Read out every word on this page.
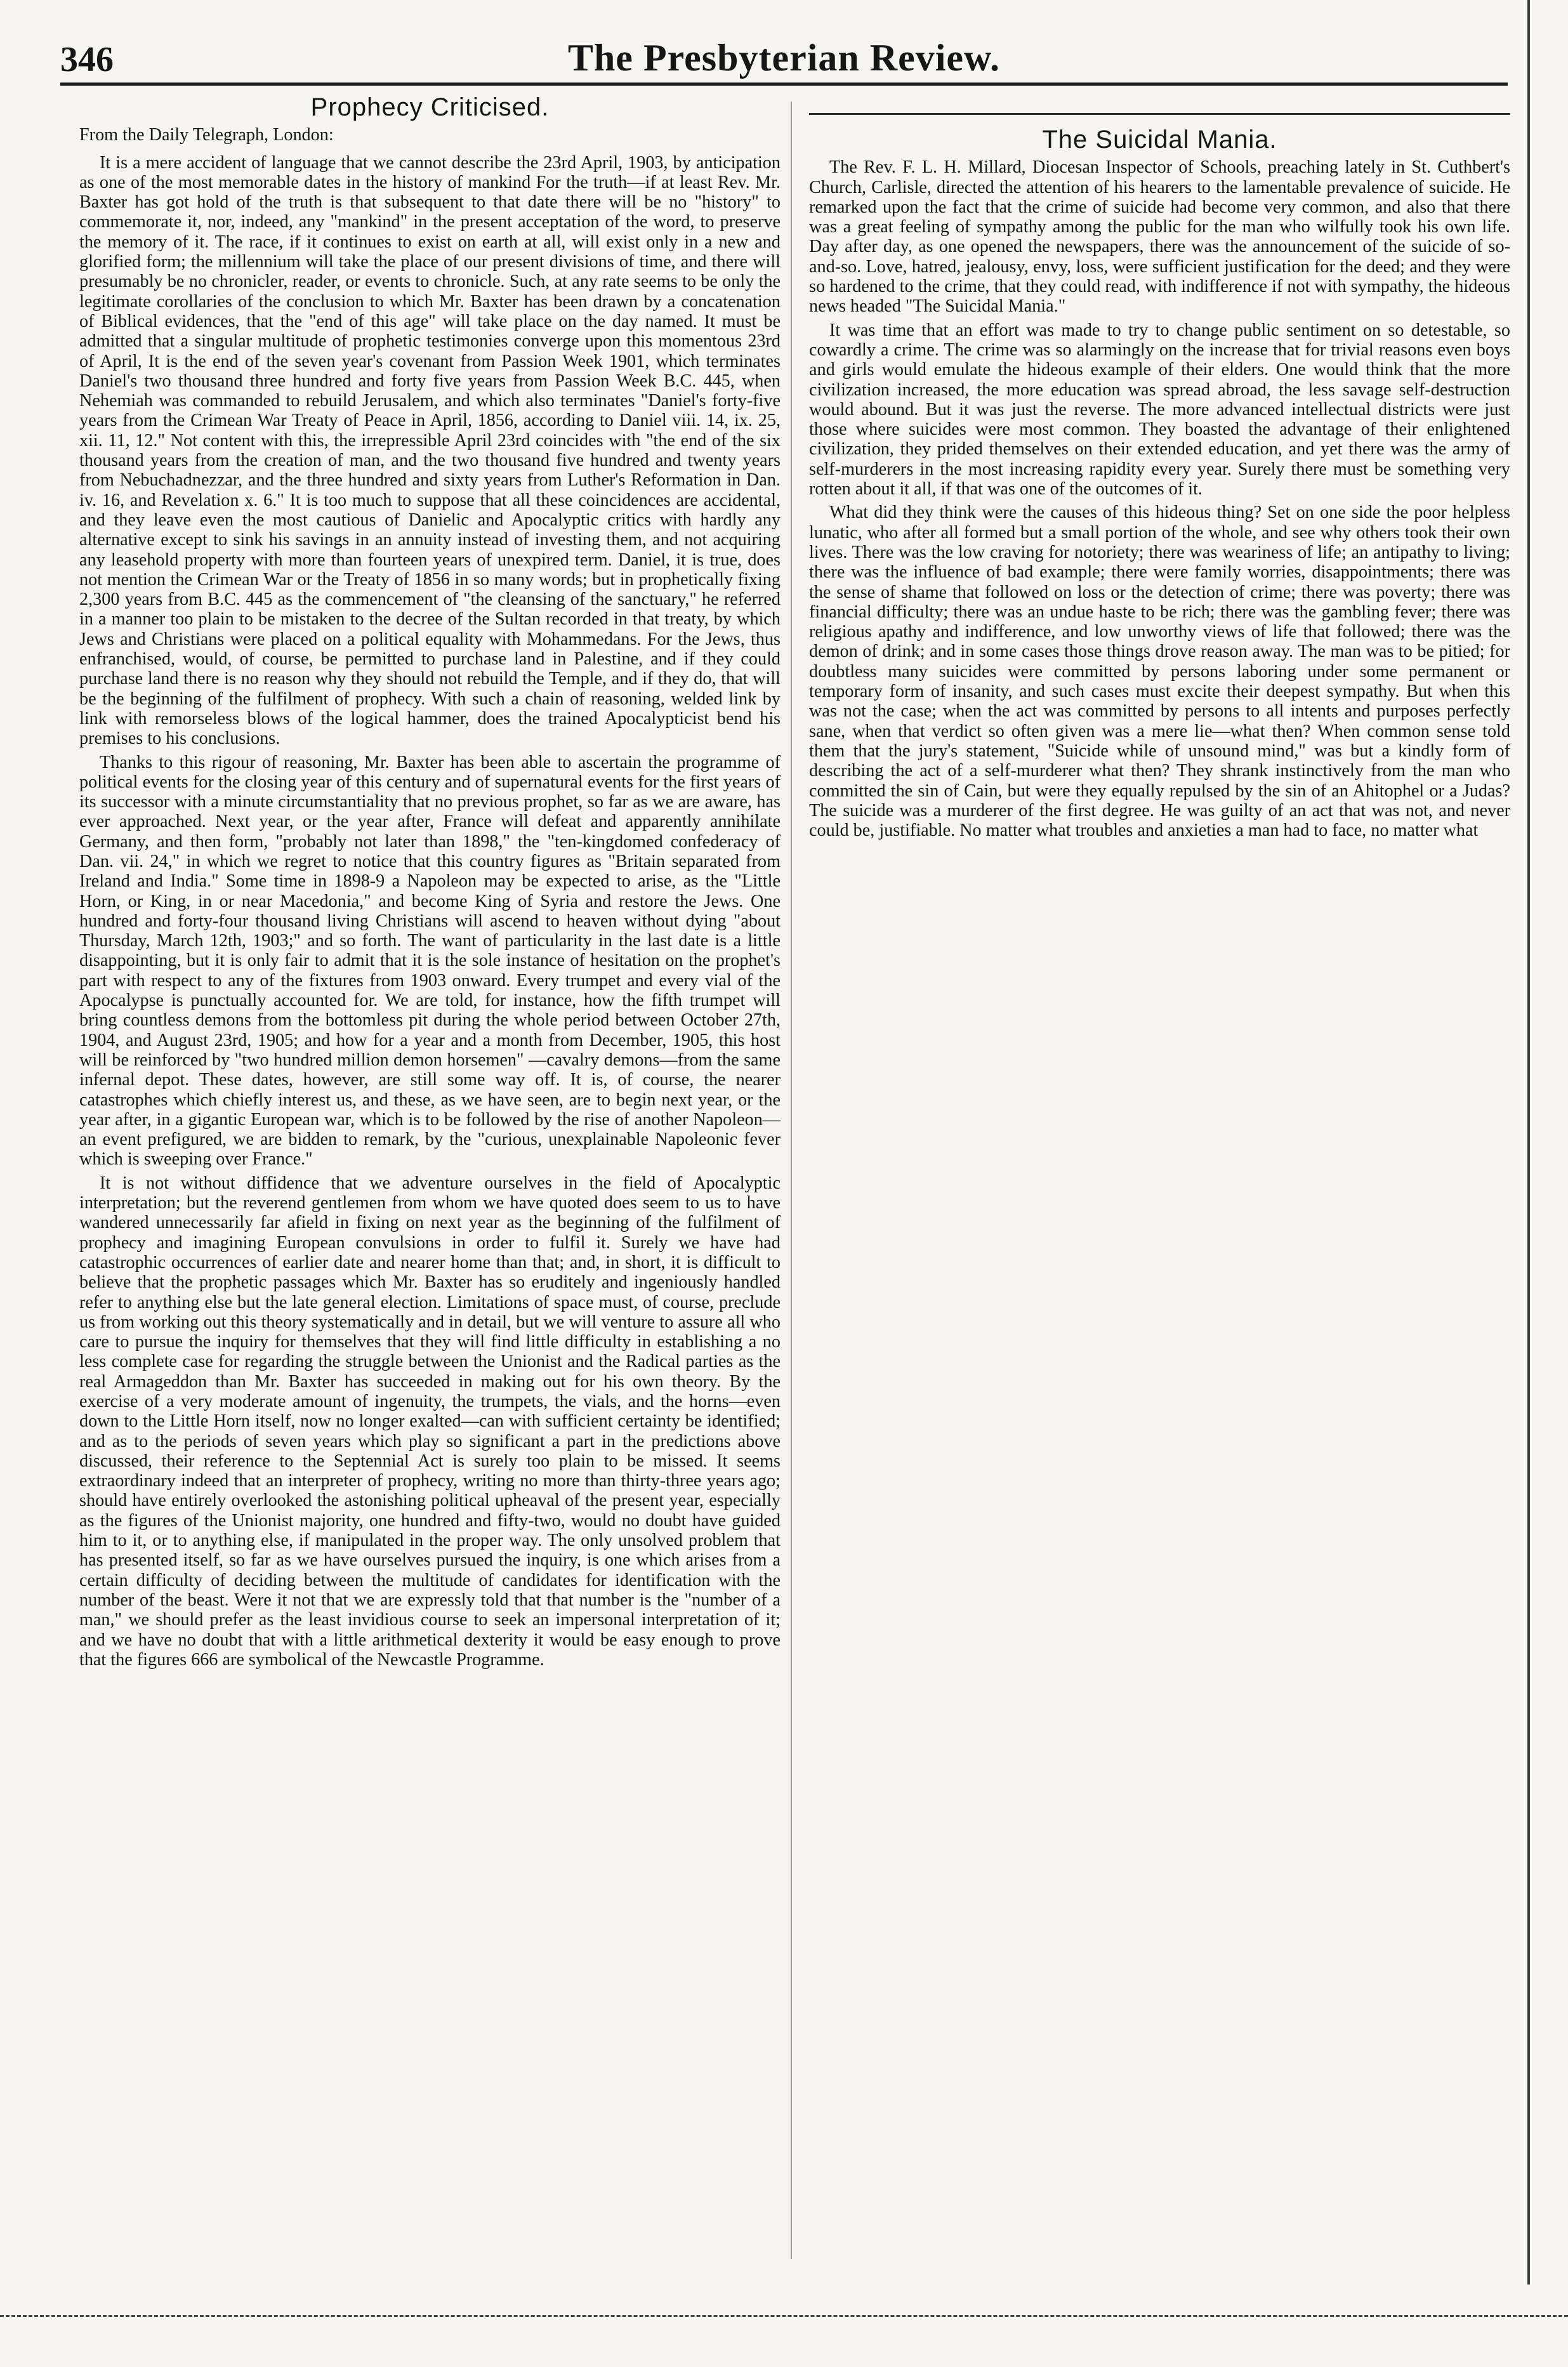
346	The Presbyterian Review.
Prophecy Criticised.

From the Daily Telegraph, London:

It is a mere accident of language that we cannot describe the 23rd April, 1903, by anticipation as one of the most memorable dates in the history of mankind For the truth—if at least Rev. Mr. Baxter has got hold of the truth is that subsequent to that date there will be no "history" to commemorate it, nor, indeed, any "mankind" in the present acceptation of the word, to preserve the memory of it. The race, if it continues to exist on earth at all, will exist only in a new and glorified form; the millennium will take the place of our present divisions of time, and there will presumably be no chronicler, reader, or events to chronicle. Such, at any rate seems to be only the legitimate corollaries of the conclusion to which Mr. Baxter has been drawn by a concatenation of Biblical evidences, that the "end of this age" will take place on the day named. It must be admitted that a singular multitude of prophetic testimonies converge upon this momentous 23rd of April, It is the end of the seven year's covenant from Passion Week 1901, which terminates Daniel's two thousand three hundred and forty five years from Passion Week B.C. 445, when Nehemiah was commanded to rebuild Jerusalem, and which also terminates "Daniel's forty-five years from the Crimean War Treaty of Peace in April, 1856, according to Daniel viii. 14, ix. 25, xii. 11, 12." Not content with this, the irrepressible April 23rd coincides with "the end of the six thousand years from the creation of man, and the two thousand five hundred and twenty years from Nebuchadnezzar, and the three hundred and sixty years from Luther's Reformation in Dan. iv. 16, and Revelation x. 6." It is too much to suppose that all these coincidences are accidental, and they leave even the most cautious of Danielic and Apocalyptic critics with hardly any alternative except to sink his savings in an annuity instead of investing them, and not acquiring any leasehold property with more than fourteen years of unexpired term. Daniel, it is true, does not mention the Crimean War or the Treaty of 1856 in so many words; but in prophetically fixing 2,300 years from B.C. 445 as the commencement of "the cleansing of the sanctuary," he referred in a manner too plain to be mistaken to the decree of the Sultan recorded in that treaty, by which Jews and Christians were placed on a political equality with Mohammedans. For the Jews, thus enfranchised, would, of course, be permitted to purchase land in Palestine, and if they could purchase land there is no reason why they should not rebuild the Temple, and if they do, that will be the beginning of the fulfilment of prophecy. With such a chain of reasoning, welded link by link with remorseless blows of the logical hammer, does the trained Apocalypticist bend his premises to his conclusions.

Thanks to this rigour of reasoning, Mr. Baxter has been able to ascertain the programme of political events for the closing year of this century and of supernatural events for the first years of its successor with a minute circumstantiality that no previous prophet, so far as we are aware, has ever approached. Next year, or the year after, France will defeat and apparently annihilate Germany, and then form, "probably not later than 1898," the "ten-kingdomed confederacy of Dan. vii. 24," in which we regret to notice that this country figures as "Britain separated from Ireland and India." Some time in 1898-9 a Napoleon may be expected to arise, as the "Little Horn, or King, in or near Macedonia," and become King of Syria and restore the Jews. One hundred and forty-four thousand living Christians will ascend to heaven without dying "about Thursday, March 12th, 1903;" and so forth. The want of particularity in the last date is a little disappointing, but it is only fair to admit that it is the sole instance of hesitation on the prophet's part with respect to any of the fixtures from 1903 onward. Every trumpet and every vial of the Apocalypse is punctually accounted for. We are told, for instance, how the fifth trumpet will bring countless demons from the bottomless pit during the whole period between October 27th, 1904, and August 23rd, 1905; and how for a year and a month from December, 1905, this host will be reinforced by "two hundred million demon horsemen" —cavalry demons—from the same infernal depot. These dates, however, are still some way off. It is, of course, the nearer catastrophes which chiefly interest us, and these, as we have seen, are to begin next year, or the year after, in a gigantic European war, which is to be followed by the rise of another Napoleon—an event prefigured, we are bidden to remark, by the "curious, unexplainable Napoleonic fever which is sweeping over France."

It is not without diffidence that we adventure ourselves in the field of Apocalyptic interpretation; but the reverend gentlemen from whom we have quoted does seem to us to have wandered unnecessarily far afield in fixing on next year as the beginning of the fulfilment of prophecy and imagining European convulsions in order to fulfil it. Surely we have had catastrophic occurrences of earlier date and nearer home than that; and, in short, it is difficult to believe that the prophetic passages which Mr. Baxter has so eruditely and ingeniously handled refer to anything else but the late general election. Limitations of space must, of course, preclude us from working out this theory systematically and in detail, but we will venture to assure all who care to pursue the inquiry for themselves that they will find little difficulty in establishing a no less complete case for regarding the struggle between the Unionist and the Radical parties as the real Armageddon than Mr. Baxter has succeeded in making out for his own theory. By the exercise of a very moderate amount of ingenuity, the trumpets, the vials, and the horns—even down to the Little Horn itself, now no longer exalted—can with sufficient certainty be identified; and as to the periods of seven years which play so significant a part in the predictions above discussed, their reference to the Septennial Act is surely too plain to be missed. It seems extraordinary indeed that an interpreter of prophecy, writing no more than thirty-three years ago; should have entirely overlooked the astonishing political upheaval of the present year, especially as the figures of the Unionist majority, one hundred and fifty-two, would no doubt have guided him to it, or to anything else, if manipulated in the proper way. The only unsolved problem that has presented itself, so far as we have ourselves pursued the inquiry, is one which arises from a certain difficulty of deciding between the multitude of candidates for identification with the number of the beast. Were it not that we are expressly told that that number is the "number of a man," we should prefer as the least invidious course to seek an impersonal interpretation of it; and we have no doubt that with a little arithmetical dexterity it would be easy enough to prove that the figures 666 are symbolical of the Newcastle Programme.

The Suicidal Mania.

The Rev. F. L. H. Millard, Diocesan Inspector of Schools, preaching lately in St. Cuthbert's Church, Carlisle, directed the attention of his hearers to the lamentable prevalence of suicide. He remarked upon the fact that the crime of suicide had become very common, and also that there was a great feeling of sympathy among the public for the man who wilfully took his own life. Day after day, as one opened the newspapers, there was the announcement of the suicide of so-and-so. Love, hatred, jealousy, envy, loss, were sufficient justification for the deed; and they were so hardened to the crime, that they could read, with indifference if not with sympathy, the hideous news headed "The Suicidal Mania."

It was time that an effort was made to try to change public sentiment on so detestable, so cowardly a crime. The crime was so alarmingly on the increase that for trivial reasons even boys and girls would emulate the hideous example of their elders. One would think that the more civilization increased, the more education was spread abroad, the less savage self-destruction would abound. But it was just the reverse. The more advanced intellectual districts were just those where suicides were most common. They boasted the advantage of their enlightened civilization, they prided themselves on their extended education, and yet there was the army of self-murderers in the most increasing rapidity every year. Surely there must be something very rotten about it all, if that was one of the outcomes of it.

What did they think were the causes of this hideous thing? Set on one side the poor helpless lunatic, who after all formed but a small portion of the whole, and see why others took their own lives. There was the low craving for notoriety; there was weariness of life; an antipathy to living; there was the influence of bad example; there were family worries, disappointments; there was the sense of shame that followed on loss or the detection of crime; there was poverty; there was financial difficulty; there was an undue haste to be rich; there was the gambling fever; there was religious apathy and indifference, and low unworthy views of life that followed; there was the demon of drink; and in some cases those things drove reason away. The man was to be pitied; for doubtless many suicides were committed by persons laboring under some permanent or temporary form of insanity, and such cases must excite their deepest sympathy. But when this was not the case; when the act was committed by persons to all intents and purposes perfectly sane, when that verdict so often given was a mere lie—what then? When common sense told them that the jury's statement, "Suicide while of unsound mind," was but a kindly form of describing the act of a self-murderer what then? They shrank instinctively from the man who committed the sin of Cain, but were they equally repulsed by the sin of an Ahitophel or a Judas? The suicide was a murderer of the first degree. He was guilty of an act that was not, and never could be, justifiable. No matter what troubles and anxieties a man had to face, no matter what
